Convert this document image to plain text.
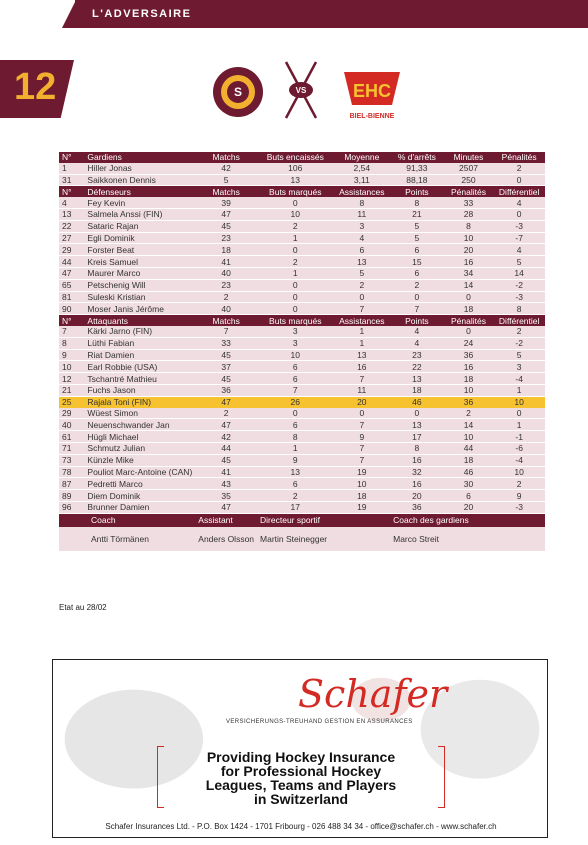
L'ADVERSAIRE
12	S	VS	EHC
BIEL-BIENNE
N°	Gardiens	Matchs	Buts encaissés	Moyenne	% d'arrêts	Minutes	Pénalités
1	Hiller Jonas	42	106	2,54	91,33	2507	2
31	Saikkonen Dennis	5	13	3,11	88,18	250	0
N°	Défenseurs	Matchs	Buts marqués	Assistances	Points	Pénalités	Différentiel
4	Fey Kevin	39	0	8	8	33	4
13	Salmela Anssi (FIN)	47	10	11	21	28	0
22	Sataric Rajan	45	2	3	5	8	-3
27	Egli Dominik	23	1	4	5	10	-7
29	Forster Beat	18	0	6	6	20	4
44	Kreis Samuel	41	2	13	15	16	5
47	Maurer Marco	40	1	5	6	34	14
65	Petschenig Will	23	0	2	2	14	-2
81	Suleski Kristian	2	0	0	0	0	-3
90	Moser Janis Jérôme	40	0	7	7	18	8
N°	Attaquants	Matchs	Buts marqués	Assistances	Points	Pénalités	Différentiel
7	Kärki Jarno (FIN)	7	3	1	4	0	2
8	Lüthi Fabian	33	3	1	4	24	-2
9	Riat Damien	45	10	13	23	36	5
10	Earl Robbie (USA)	37	6	16	22	16	3
12	Tschantré Mathieu	45	6	7	13	18	-4
21	Fuchs Jason	36	7	11	18	10	1
25	Rajala Toni (FIN)	47	26	20	46	36	10
29	Wüest Simon	2	0	0	0	2	0
40	Neuenschwander Jan	47	6	7	13	14	1
61	Hügli Michael	42	8	9	17	10	-1
71	Schmutz Julian	44	1	7	8	44	-6
73	Künzle Mike	45	9	7	16	18	-4
78	Pouliot Marc-Antoine (CAN)	41	13	19	32	46	10
87	Pedretti Marco	43	6	10	16	30	2
89	Diem Dominik	35	2	18	20	6	9
96	Brunner Damien	47	17	19	36	20	-3
Coach		Assistant	Directeur sportif		Coach des gardiens		
Antti Törmänen		Anders Olsson	Martin Steinegger		Marco Streit		
Etat au 28/02
Schafer
VERSICHERUNGS-TREUHAND GESTION EN ASSURANCES
Providing Hockey Insurance
for Professional Hockey
Leagues, Teams and Players
in Switzerland
Schafer Insurances Ltd. - P.O. Box 1424 - 1701 Fribourg - 026 488 34 34 - office@schafer.ch - www.schafer.ch
